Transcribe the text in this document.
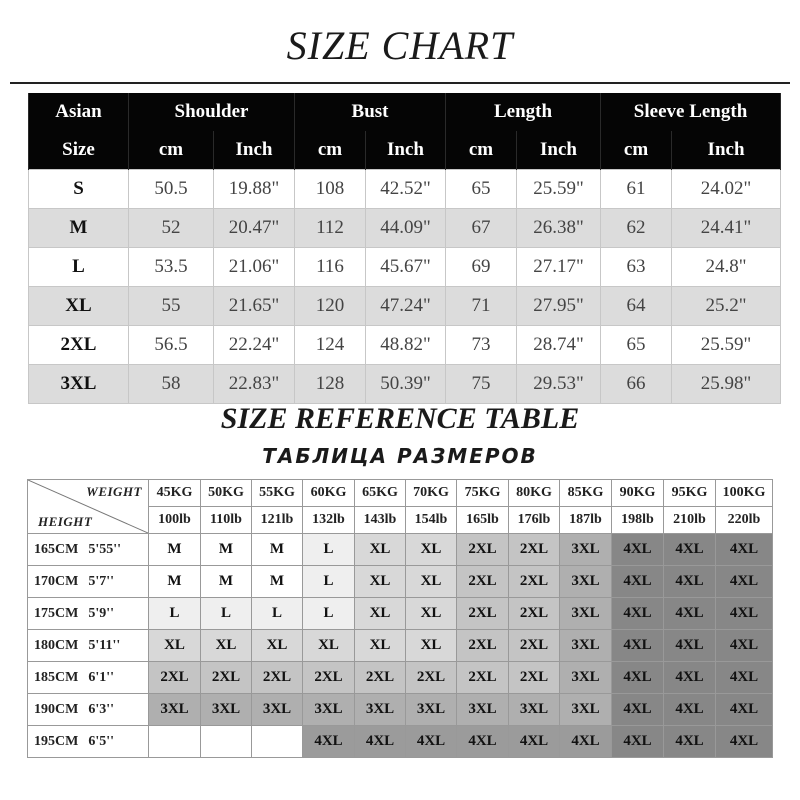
SIZE CHART
Asian	Shoulder		Bust		Length		Sleeve Length	
Size	cm	Inch	cm	Inch	cm	Inch	cm	Inch
S	50.5	19.88"	108	42.52"	65	25.59"	61	24.02"
M	52	20.47"	112	44.09"	67	26.38"	62	24.41"
L	53.5	21.06"	116	45.67"	69	27.17"	63	24.8"
XL	55	21.65"	120	47.24"	71	27.95"	64	25.2"
2XL	56.5	22.24"	124	48.82"	73	28.74"	65	25.59"
3XL	58	22.83"	128	50.39"	75	29.53"	66	25.98"
SIZE REFERENCE TABLE
ТАБЛИЦА РАЗМЕРОВ
WEIGHT
HEIGHT	45KG	50KG	55KG	60KG	65KG	70KG	75KG	80KG	85KG	90KG	95KG	100KG
	100lb	110lb	121lb	132lb	143lb	154lb	165lb	176lb	187lb	198lb	210lb	220lb
165CM 5'55''	M	M	M	L	XL	XL	2XL	2XL	3XL	4XL	4XL	4XL
170CM 5'7''	M	M	M	L	XL	XL	2XL	2XL	3XL	4XL	4XL	4XL
175CM 5'9''	L	L	L	L	XL	XL	2XL	2XL	3XL	4XL	4XL	4XL
180CM 5'11''	XL	XL	XL	XL	XL	XL	2XL	2XL	3XL	4XL	4XL	4XL
185CM 6'1''	2XL	2XL	2XL	2XL	2XL	2XL	2XL	2XL	3XL	4XL	4XL	4XL
190CM 6'3''	3XL	3XL	3XL	3XL	3XL	3XL	3XL	3XL	3XL	4XL	4XL	4XL
195CM 6'5''				4XL	4XL	4XL	4XL	4XL	4XL	4XL	4XL	4XL
